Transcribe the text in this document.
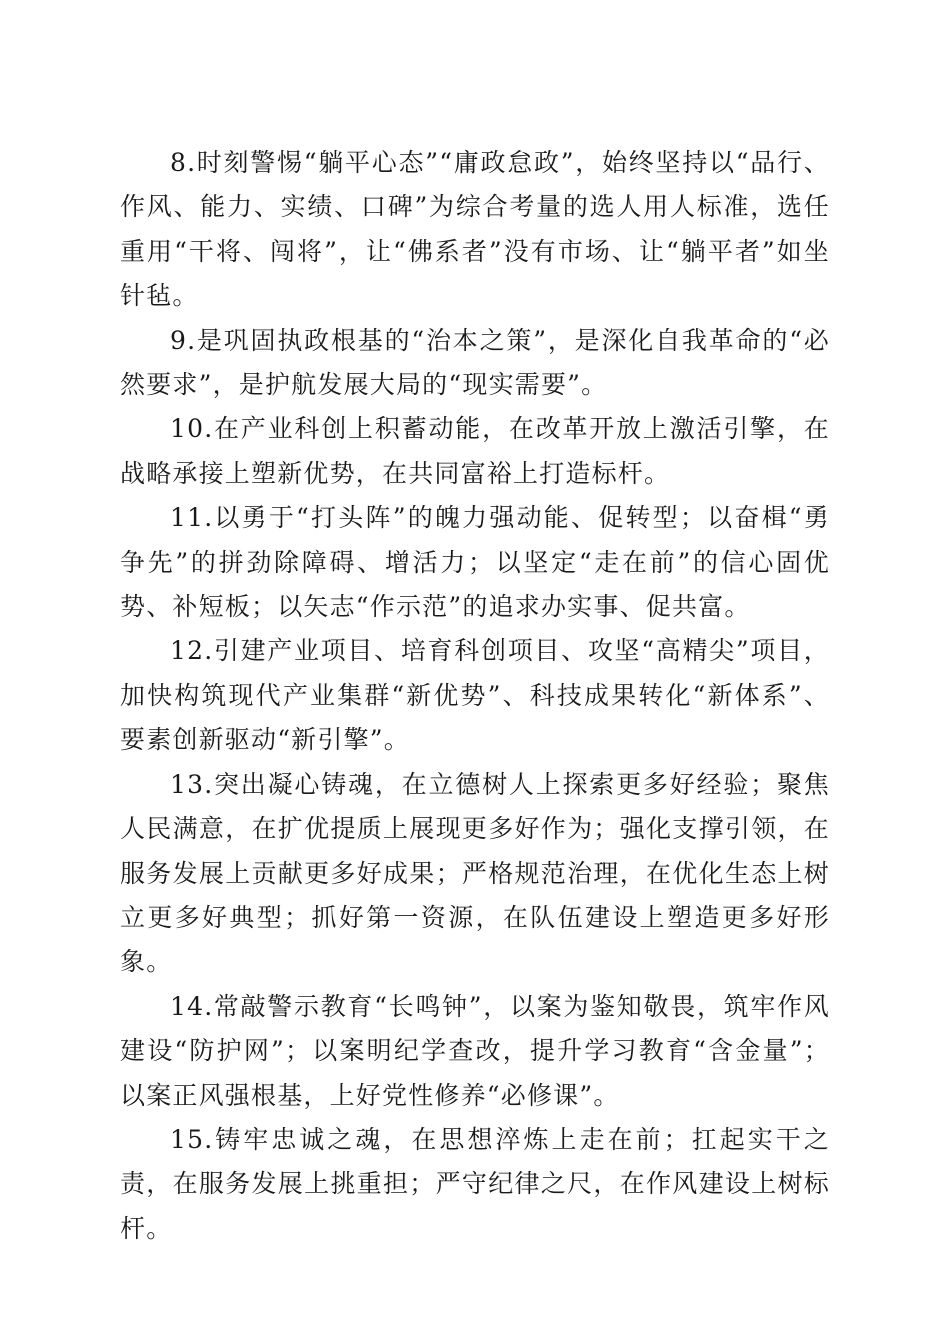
8.时刻警惕“躺平心态”“庸政怠政”，始终坚持以“品行、作风、能力、实绩、口碑”为综合考量的选人用人标准，选任重用“干将、闯将”，让“佛系者”没有市场、让“躺平者”如坐针毡。

9.是巩固执政根基的“治本之策”，是深化自我革命的“必然要求”，是护航发展大局的“现实需要”。

10.在产业科创上积蓄动能，在改革开放上激活引擎，在战略承接上塑新优势，在共同富裕上打造标杆。

11.以勇于“打头阵”的魄力强动能、促转型；以奋楫“勇争先”的拼劲除障碍、增活力；以坚定“走在前”的信心固优势、补短板；以矢志“作示范”的追求办实事、促共富。

12.引建产业项目、培育科创项目、攻坚“高精尖”项目，加快构筑现代产业集群“新优势”、科技成果转化“新体系”、要素创新驱动“新引擎”。

13.突出凝心铸魂，在立德树人上探索更多好经验；聚焦人民满意，在扩优提质上展现更多好作为；强化支撑引领，在服务发展上贡献更多好成果；严格规范治理，在优化生态上树立更多好典型；抓好第一资源，在队伍建设上塑造更多好形象。

14.常敲警示教育“长鸣钟”，以案为鉴知敬畏，筑牢作风建设“防护网”；以案明纪学查改，提升学习教育“含金量”；以案正风强根基，上好党性修养“必修课”。

15.铸牢忠诚之魂，在思想淬炼上走在前；扛起实干之责，在服务发展上挑重担；严守纪律之尺，在作风建设上树标杆。
